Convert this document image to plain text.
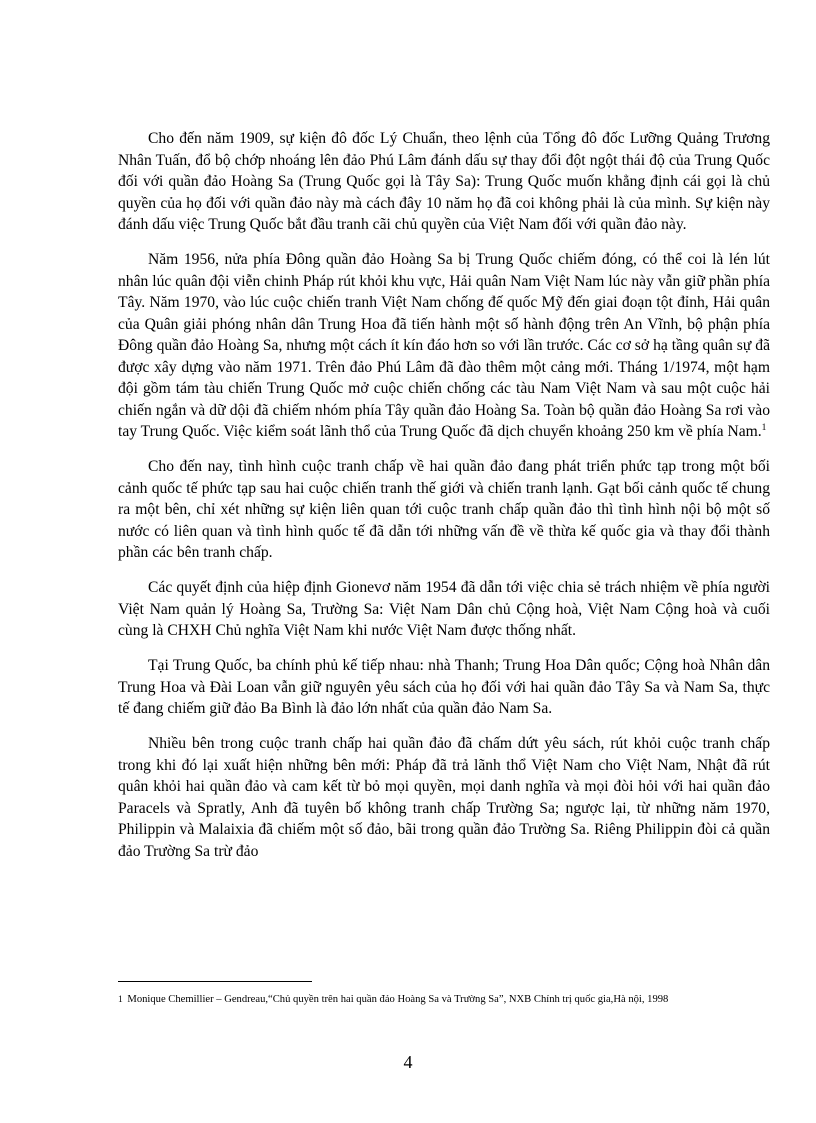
Cho đến năm 1909, sự kiện đô đốc Lý Chuẩn, theo lệnh của Tổng đô đốc Lưỡng Quảng Trương Nhân Tuấn, đổ bộ chớp nhoáng lên đảo Phú Lâm đánh dấu sự thay đổi đột ngột thái độ của Trung Quốc đối với quần đảo Hoàng Sa (Trung Quốc gọi là Tây Sa): Trung Quốc muốn khẳng định cái gọi là chủ quyền của họ đối với quần đảo này mà cách đây 10 năm họ đã coi không phải là của mình. Sự kiện này đánh dấu việc Trung Quốc bắt đầu tranh cãi chủ quyền của Việt Nam đối với quần đảo này.

Năm 1956, nửa phía Đông quần đảo Hoàng Sa bị Trung Quốc chiếm đóng, có thể coi là lén lút nhân lúc quân đội viễn chinh Pháp rút khỏi khu vực, Hải quân Nam Việt Nam lúc này vẫn giữ phần phía Tây. Năm 1970, vào lúc cuộc chiến tranh Việt Nam chống đế quốc Mỹ đến giai đoạn tột đỉnh, Hải quân của Quân giải phóng nhân dân Trung Hoa đã tiến hành một số hành động trên An Vĩnh, bộ phận phía Đông quần đảo Hoàng Sa, nhưng một cách ít kín đáo hơn so với lần trước. Các cơ sở hạ tầng quân sự đã được xây dựng vào năm 1971. Trên đảo Phú Lâm đã đào thêm một cảng mới. Tháng 1/1974, một hạm đội gồm tám tàu chiến Trung Quốc mở cuộc chiến chống các tàu Nam Việt Nam và sau một cuộc hải chiến ngắn và dữ dội đã chiếm nhóm phía Tây quần đảo Hoàng Sa. Toàn bộ quần đảo Hoàng Sa rơi vào tay Trung Quốc. Việc kiểm soát lãnh thổ của Trung Quốc đã dịch chuyển khoảng 250 km về phía Nam.$^1$

Cho đến nay, tình hình cuộc tranh chấp về hai quần đảo đang phát triển phức tạp trong một bối cảnh quốc tế phức tạp sau hai cuộc chiến tranh thế giới và chiến tranh lạnh. Gạt bối cảnh quốc tế chung ra một bên, chỉ xét những sự kiện liên quan tới cuộc tranh chấp quần đảo thì tình hình nội bộ một số nước có liên quan và tình hình quốc tế đã dẫn tới những vấn đề về thừa kế quốc gia và thay đổi thành phần các bên tranh chấp.

Các quyết định của hiệp định Gionevơ năm 1954 đã dẫn tới việc chia sẻ trách nhiệm về phía người Việt Nam quản lý Hoàng Sa, Trường Sa: Việt Nam Dân chủ Cộng hoà, Việt Nam Cộng hoà và cuối cùng là CHXH Chủ nghĩa Việt Nam khi nước Việt Nam được thống nhất.

Tại Trung Quốc, ba chính phủ kế tiếp nhau: nhà Thanh; Trung Hoa Dân quốc; Cộng hoà Nhân dân Trung Hoa và Đài Loan vẫn giữ nguyên yêu sách của họ đối với hai quần đảo Tây Sa và Nam Sa, thực tế đang chiếm giữ đảo Ba Bình là đảo lớn nhất của quần đảo Nam Sa.

Nhiều bên trong cuộc tranh chấp hai quần đảo đã chấm dứt yêu sách, rút khỏi cuộc tranh chấp trong khi đó lại xuất hiện những bên mới: Pháp đã trả lãnh thổ Việt Nam cho Việt Nam, Nhật đã rút quân khỏi hai quần đảo và cam kết từ bỏ mọi quyền, mọi danh nghĩa và mọi đòi hỏi với hai quần đảo Paracels và Spratly, Anh đã tuyên bố không tranh chấp Trường Sa; ngược lại, từ những năm 1970, Philippin và Malaixia đã chiếm một số đảo, bãi trong quần đảo Trường Sa. Riêng Philippin đòi cả quần đảo Trường Sa trừ đảo

1 Monique Chemillier – Gendreau,“Chủ quyền trên hai quần đảo Hoàng Sa và Trường Sa”, NXB Chính trị quốc gia,Hà nội, 1998
4
